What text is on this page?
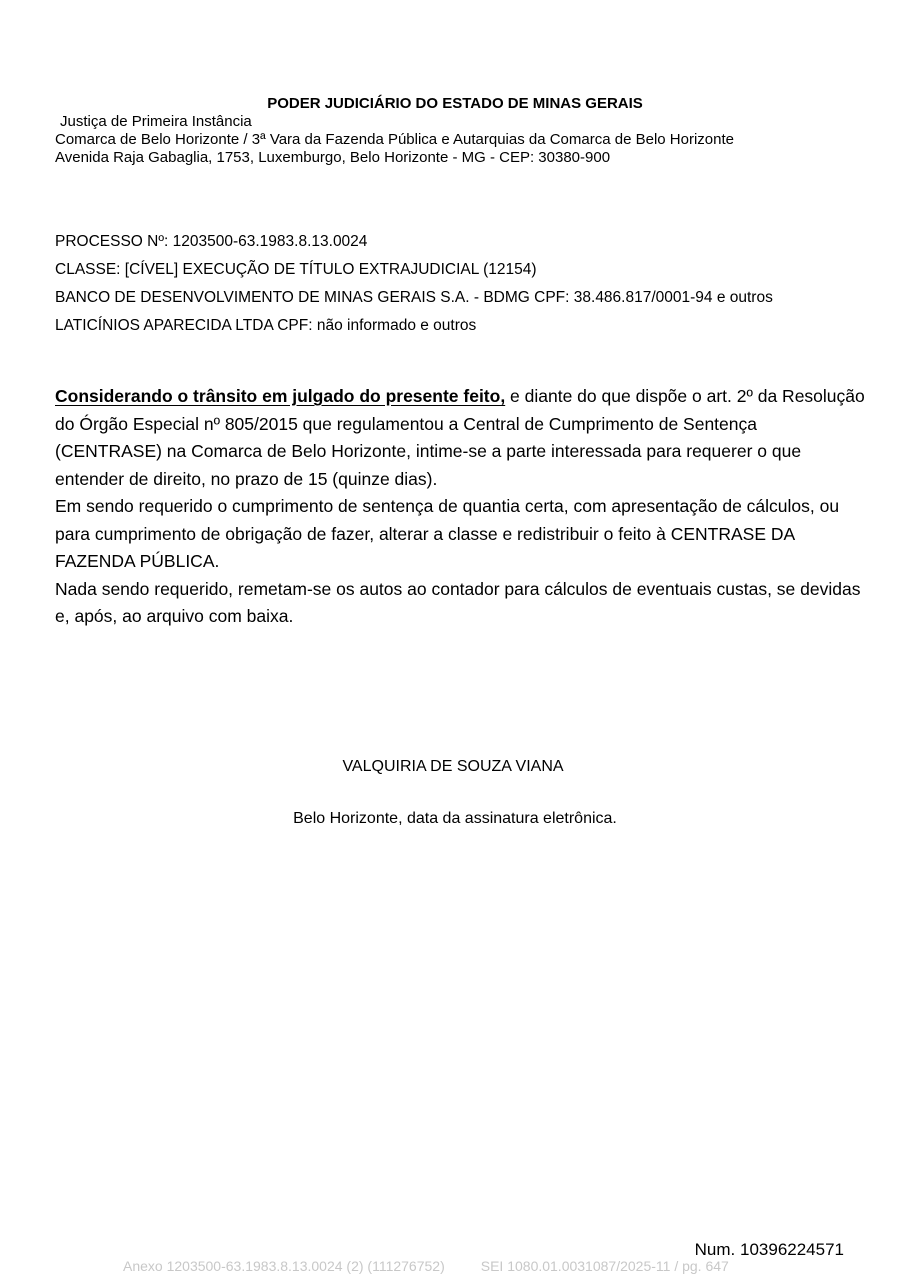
PODER JUDICIÁRIO DO ESTADO DE MINAS GERAIS
Justiça de Primeira Instância
Comarca de Belo Horizonte / 3ª Vara da Fazenda Pública e Autarquias da Comarca de Belo Horizonte
Avenida Raja Gabaglia, 1753, Luxemburgo, Belo Horizonte - MG - CEP: 30380-900
PROCESSO Nº: 1203500-63.1983.8.13.0024
CLASSE: [CÍVEL] EXECUÇÃO DE TÍTULO EXTRAJUDICIAL (12154)
BANCO DE DESENVOLVIMENTO DE MINAS GERAIS S.A. - BDMG CPF: 38.486.817/0001-94 e outros
LATICÍNIOS APARECIDA LTDA CPF: não informado e outros

Considerando o trânsito em julgado do presente feito, e diante do que dispõe o art. 2º da Resolução do Órgão Especial nº 805/2015 que regulamentou a Central de Cumprimento de Sentença (CENTRASE) na Comarca de Belo Horizonte, intime-se a parte interessada para requerer o que entender de direito, no prazo de 15 (quinze dias).

Em sendo requerido o cumprimento de sentença de quantia certa, com apresentação de cálculos, ou para cumprimento de obrigação de fazer, alterar a classe e redistribuir o feito à CENTRASE DA FAZENDA PÚBLICA.

Nada sendo requerido, remetam-se os autos ao contador para cálculos de eventuais custas, se devidas e, após, ao arquivo com baixa.

VALQUIRIA DE SOUZA VIANA
Belo Horizonte, data da assinatura eletrônica.
Num. 10396224571
Anexo 1203500-63.1983.8.13.0024 (2) (111276752)	SEI 1080.01.0031087/2025-11 / pg. 647
